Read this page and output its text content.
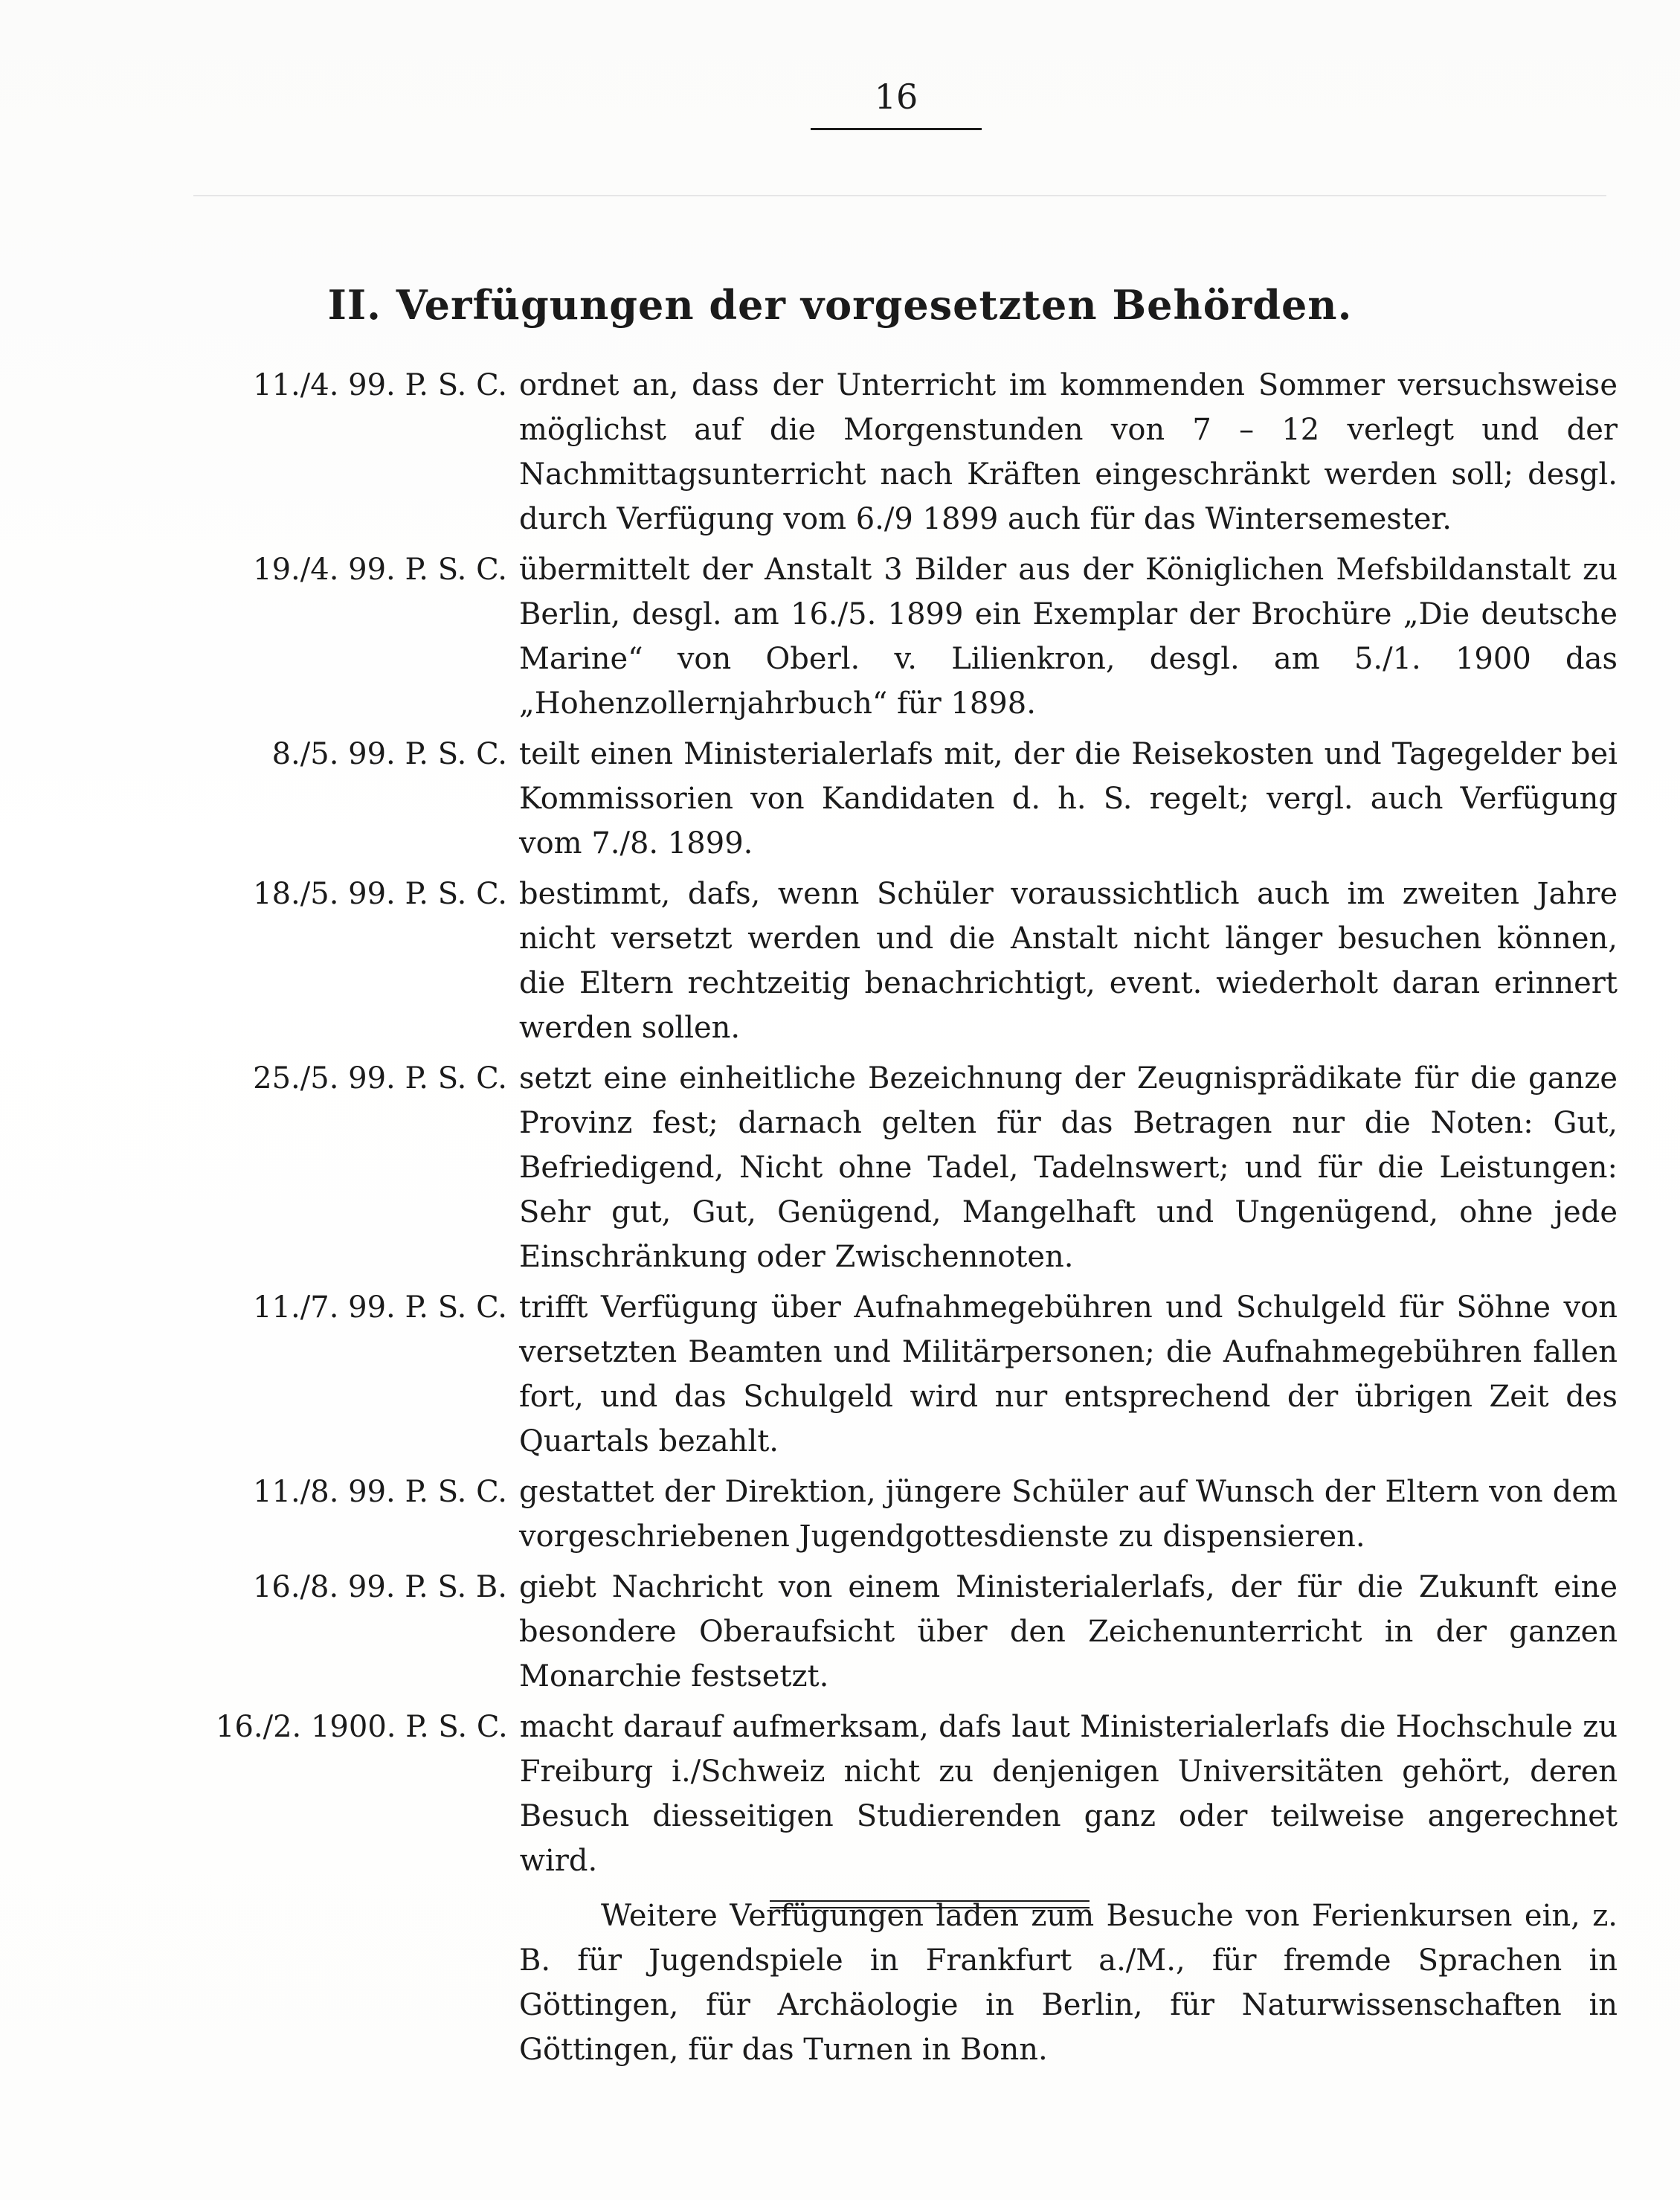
16
II. Verfügungen der vorgesetzten Behörden.
11./4. 99. P. S. C. ordnet an, dass der Unterricht im kommenden Sommer versuchsweise möglichst auf die Morgenstunden von 7 – 12 verlegt und der Nachmittagsunterricht nach Kräften eingeschränkt werden soll; desgl. durch Verfügung vom 6./9 1899 auch für das Wintersemester.
19./4. 99. P. S. C. übermittelt der Anstalt 3 Bilder aus der Königlichen Mefsbildanstalt zu Berlin, desgl. am 16./5. 1899 ein Exemplar der Brochüre „Die deutsche Marine“ von Oberl. v. Lilienkron, desgl. am 5./1. 1900 das „Hohenzollernjahrbuch“ für 1898.
8./5. 99. P. S. C. teilt einen Ministerialerlafs mit, der die Reisekosten und Tagegelder bei Kommissorien von Kandidaten d. h. S. regelt; vergl. auch Verfügung vom 7./8. 1899.
18./5. 99. P. S. C. bestimmt, dafs, wenn Schüler voraussichtlich auch im zweiten Jahre nicht versetzt werden und die Anstalt nicht länger besuchen können, die Eltern rechtzeitig benachrichtigt, event. wiederholt daran erinnert werden sollen.
25./5. 99. P. S. C. setzt eine einheitliche Bezeichnung der Zeugnisprädikate für die ganze Provinz fest; darnach gelten für das Betragen nur die Noten: Gut, Befriedigend, Nicht ohne Tadel, Tadelnswert; und für die Leistungen: Sehr gut, Gut, Genügend, Mangelhaft und Ungenügend, ohne jede Einschränkung oder Zwischennoten.
11./7. 99. P. S. C. trifft Verfügung über Aufnahmegebühren und Schulgeld für Söhne von versetzten Beamten und Militärpersonen; die Aufnahmegebühren fallen fort, und das Schulgeld wird nur entsprechend der übrigen Zeit des Quartals bezahlt.
11./8. 99. P. S. C. gestattet der Direktion, jüngere Schüler auf Wunsch der Eltern von dem vorgeschriebenen Jugendgottesdienste zu dispensieren.
16./8. 99. P. S. B. giebt Nachricht von einem Ministerialerlafs, der für die Zukunft eine besondere Oberaufsicht über den Zeichenunterricht in der ganzen Monarchie festsetzt.
16./2. 1900. P. S. C. macht darauf aufmerksam, dafs laut Ministerialerlafs die Hochschule zu Freiburg i./Schweiz nicht zu denjenigen Universitäten gehört, deren Besuch diesseitigen Studierenden ganz oder teilweise angerechnet wird.

Weitere Verfügungen laden zum Besuche von Ferienkursen ein, z. B. für Jugendspiele in Frankfurt a./M., für fremde Sprachen in Göttingen, für Archäologie in Berlin, für Naturwissenschaften in Göttingen, für das Turnen in Bonn.
